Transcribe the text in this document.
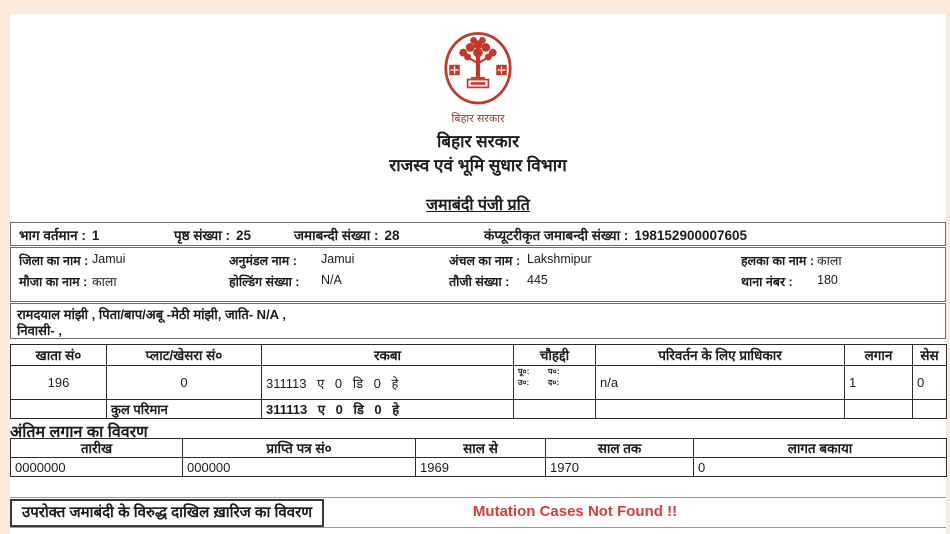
बिहार सरकार
बिहार सरकार
राजस्व एवं भूमि सुधार विभाग
जमाबंदी पंजी प्रति
भाग वर्तमान : 1	पृष्ठ संख्या : 25	जमाबन्दी संख्या : 28	कंप्यूटरीकृत जमाबन्दी संख्या : 198152900007605
जिला का नाम : Jamui	अनुमंडल नाम : Jamui	अंचल का नाम : Lakshmipur	हलका का नाम : काला
मौजा का नाम : काला	होल्डिंग संख्या : N/A	तौजी संख्या : 445	थाना नंबर : 180
रामदयाल मांझी , पिता/बाप/अबू -मेठी मांझी, जाति- N/A ,
निवासी- ,
खाता सं०	प्लाट/खेसरा सं०	रकबा	चौहद्दी	परिवर्तन के लिए प्राधिकार	लगान	सेस
196	0	311113 ए 0 डि 0 हे	पू०: प०:
उ०: द०:	n/a	1	0
	कुल परिमान	311113 ए 0 डि 0 हे				
अंतिम लगान का विवरण
तारीख	प्राप्ति पत्र सं०	साल से	साल तक	लागत बकाया
0000000	000000	1969	1970	0
उपरोक्त जमाबंदी के विरुद्ध दाखिल ख़ारिज का विवरण	Mutation Cases Not Found !!
